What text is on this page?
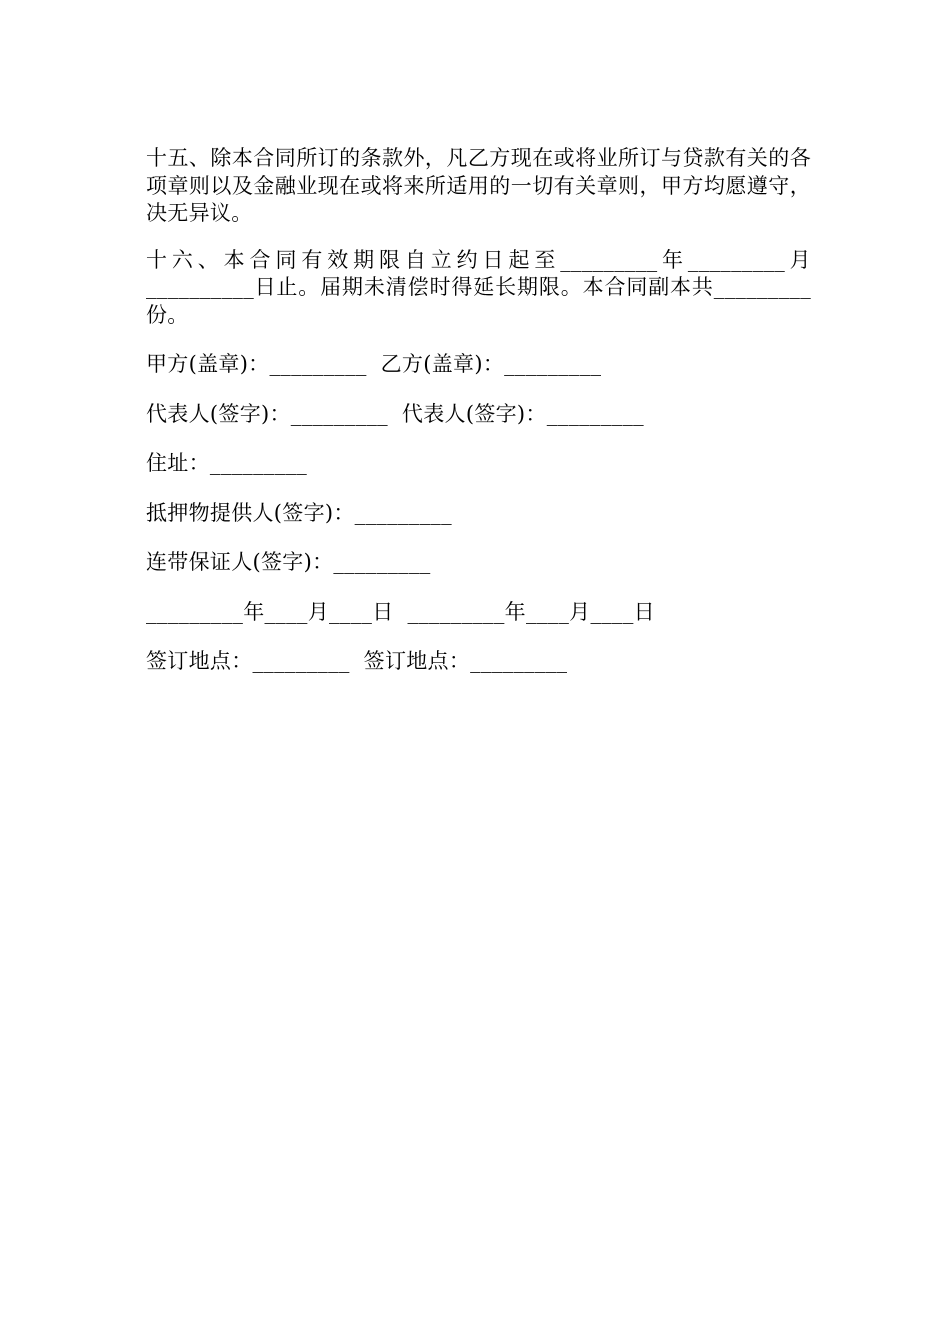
十五、除本合同所订的条款外，凡乙方现在或将业所订与贷款有关的各项章则以及金融业现在或将来所适用的一切有关章则，甲方均愿遵守，决无异议。

十六、本合同有效期限自立约日起至_________年_________月__________日止。届期未清偿时得延长期限。本合同副本共_________份。

甲方(盖章)：_________  乙方(盖章)：_________

代表人(签字)：_________  代表人(签字)：_________

住址：_________

抵押物提供人(签字)：_________

连带保证人(签字)：_________

_________年____月____日  _________年____月____日

签订地点：_________  签订地点：_________
